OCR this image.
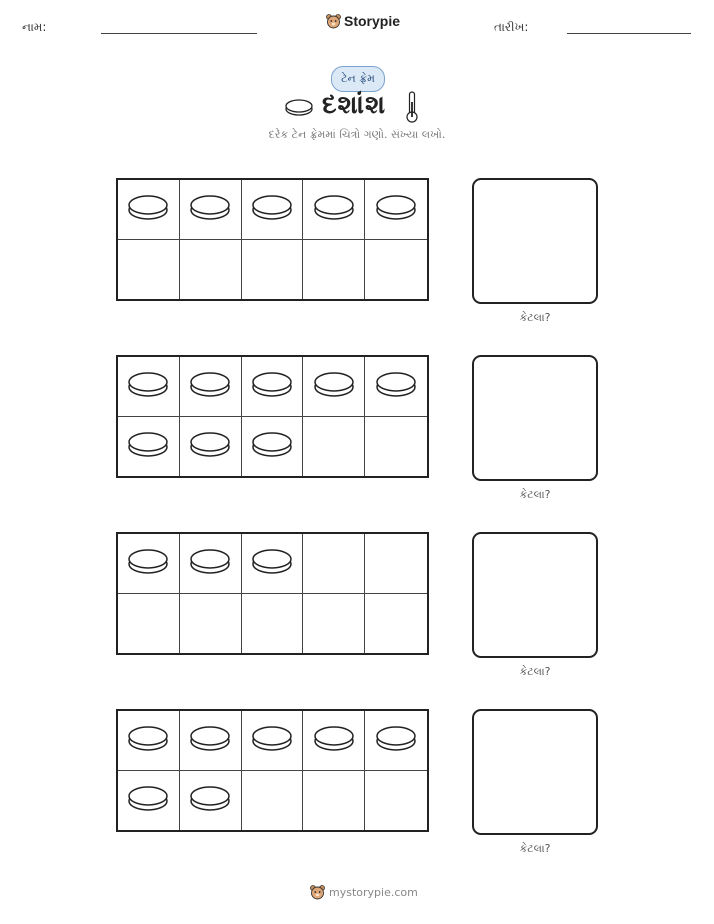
નામ:	Storypie	તારીખ:
ટેન ફ્રેમ
દશાંશ
દરેક ટેન ફ્રેમમાં ચિત્રો ગણો. સંખ્યા લખો.
કેટલા?
કેટલા?
કેટલા?
કેટલા?
mystorypie.com
